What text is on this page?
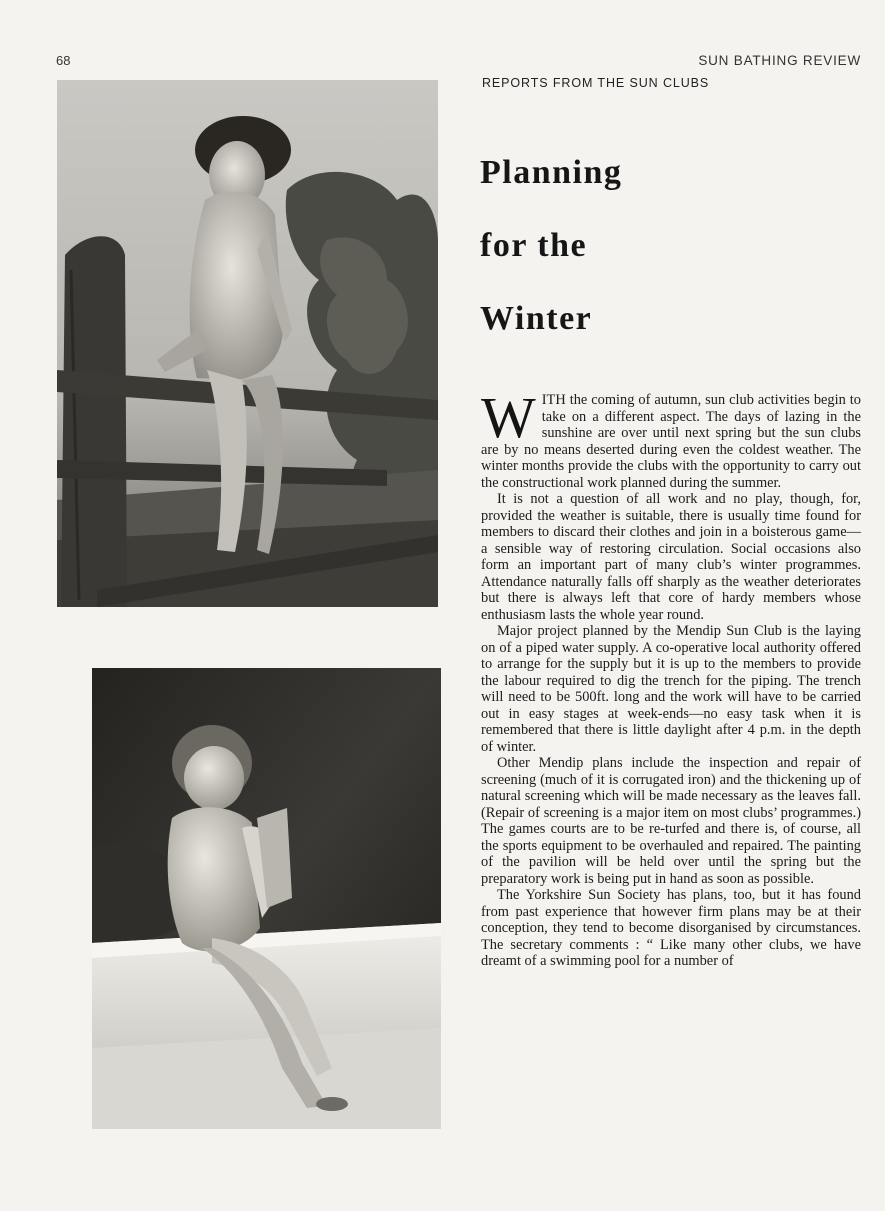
68	SUN BATHING REVIEW
REPORTS FROM THE SUN CLUBS
Planning
for the
Winter

WITH the coming of autumn, sun club activities begin to take on a different aspect. The days of lazing in the sunshine are over until next spring but the sun clubs are by no means deserted during even the coldest weather. The winter months provide the clubs with the opportunity to carry out the constructional work planned during the summer.

It is not a question of all work and no play, though, for, provided the weather is suitable, there is usually time found for members to discard their clothes and join in a boisterous game—a sensible way of restoring circulation. Social occasions also form an important part of many club’s winter programmes. Attendance naturally falls off sharply as the weather deteriorates but there is always left that core of hardy members whose enthusiasm lasts the whole year round.

Major project planned by the Mendip Sun Club is the laying on of a piped water supply. A co-operative local authority offered to arrange for the supply but it is up to the members to provide the labour required to dig the trench for the piping. The trench will need to be 500ft. long and the work will have to be carried out in easy stages at week-ends—no easy task when it is remembered that there is little daylight after 4 p.m. in the depth of winter.

Other Mendip plans include the inspection and repair of screening (much of it is corrugated iron) and the thickening up of natural screening which will be made necessary as the leaves fall. (Repair of screening is a major item on most clubs’ programmes.) The games courts are to be re-turfed and there is, of course, all the sports equipment to be overhauled and repaired. The painting of the pavilion will be held over until the spring but the preparatory work is being put in hand as soon as possible.

The Yorkshire Sun Society has plans, too, but it has found from past experience that however firm plans may be at their conception, they tend to become disorganised by circumstances. The secretary comments : “ Like many other clubs, we have dreamt of a swimming pool for a number of
